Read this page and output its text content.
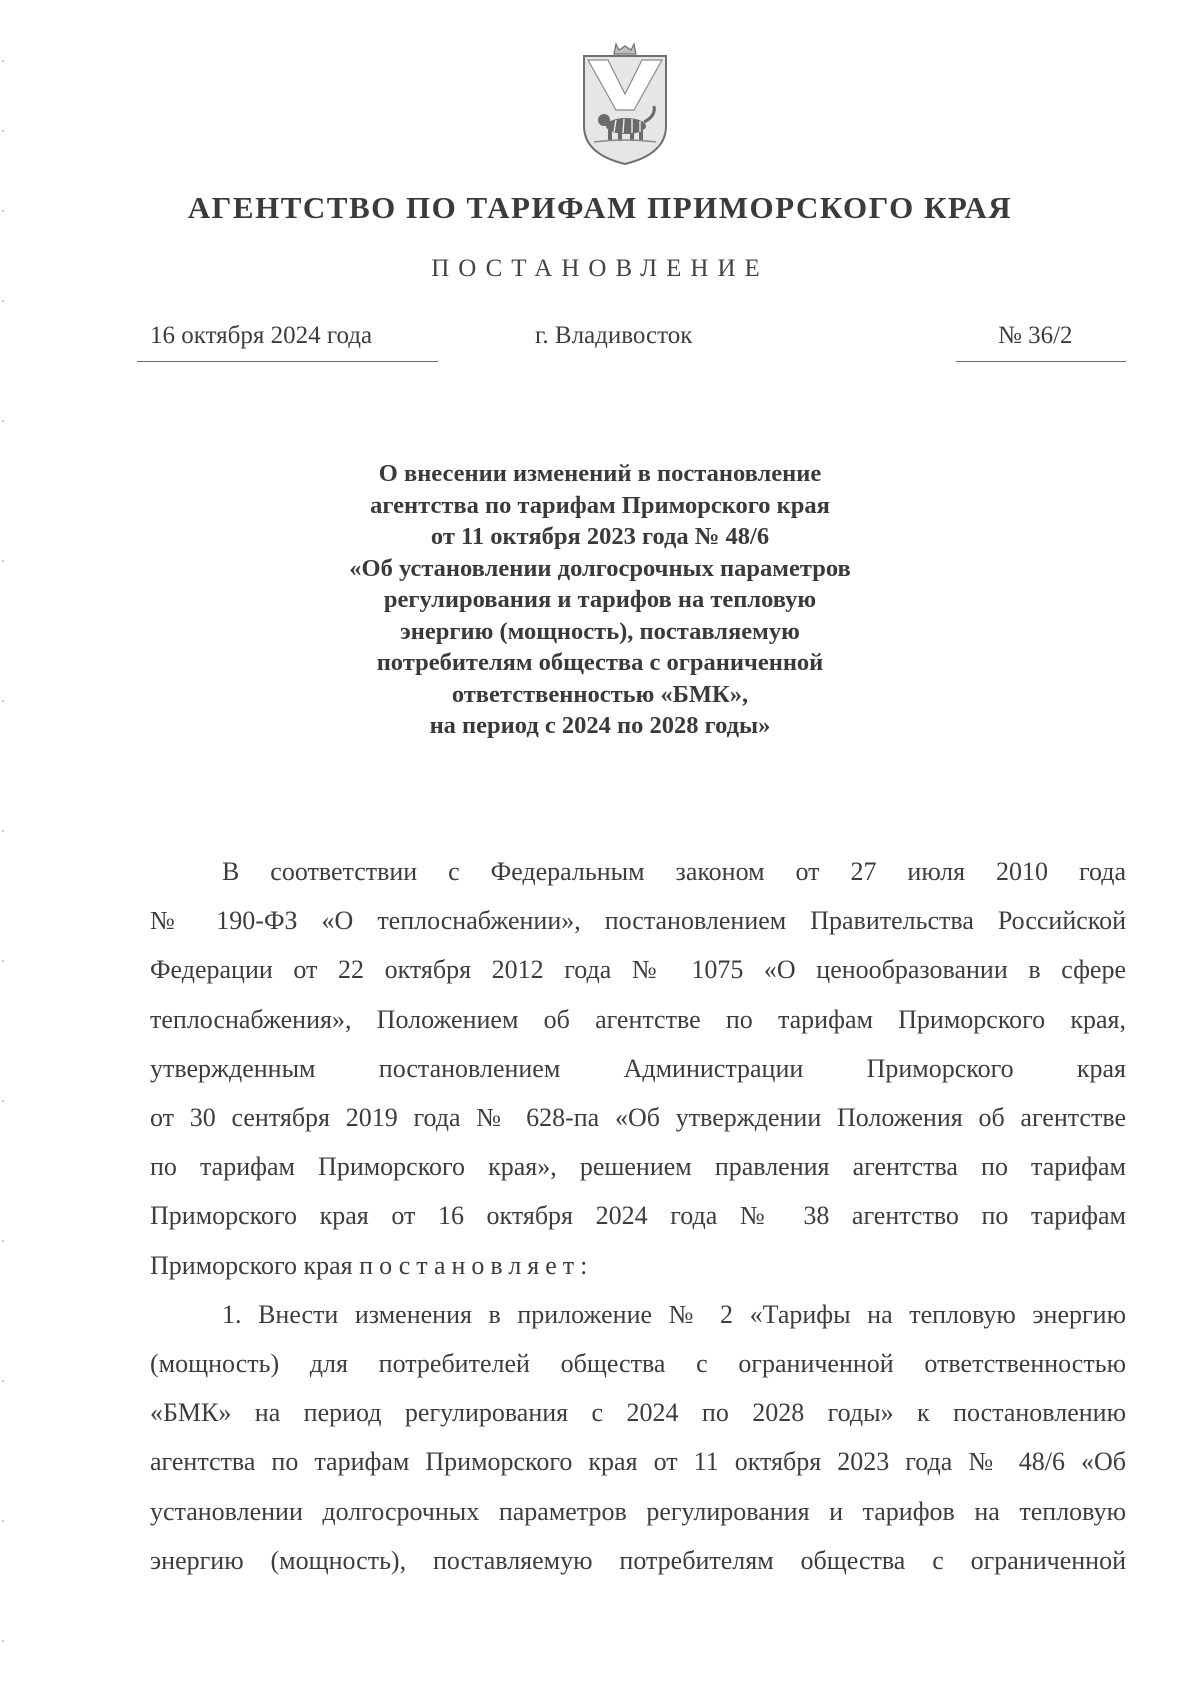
АГЕНТСТВО ПО ТАРИФАМ ПРИМОРСКОГО КРАЯ
ПОСТАНОВЛЕНИЕ
16 октября 2024 года	г. Владивосток	№ 36/2
О внесении изменений в постановление
агентства по тарифам Приморского края
от 11 октября 2023 года № 48/6
«Об установлении долгосрочных параметров
регулирования и тарифов на тепловую
энергию (мощность), поставляемую
потребителям общества с ограниченной
ответственностью «БМК»,
на период с 2024 по 2028 годы»
В соответствии с Федеральным законом от 27 июля 2010 года
№ 190-ФЗ «О теплоснабжении», постановлением Правительства Российской
Федерации от 22 октября 2012 года № 1075 «О ценообразовании в сфере
теплоснабжения», Положением об агентстве по тарифам Приморского края,
утвержденным постановлением Администрации Приморского края
от 30 сентября 2019 года № 628-па «Об утверждении Положения об агентстве
по тарифам Приморского края», решением правления агентства по тарифам
Приморского края от 16 октября 2024 года № 38 агентство по тарифам
Приморского края постановляет:
1. Внести изменения в приложение № 2 «Тарифы на тепловую энергию
(мощность) для потребителей общества с ограниченной ответственностью
«БМК» на период регулирования с 2024 по 2028 годы» к постановлению
агентства по тарифам Приморского края от 11 октября 2023 года № 48/6 «Об
установлении долгосрочных параметров регулирования и тарифов на тепловую
энергию (мощность), поставляемую потребителям общества с ограниченной
